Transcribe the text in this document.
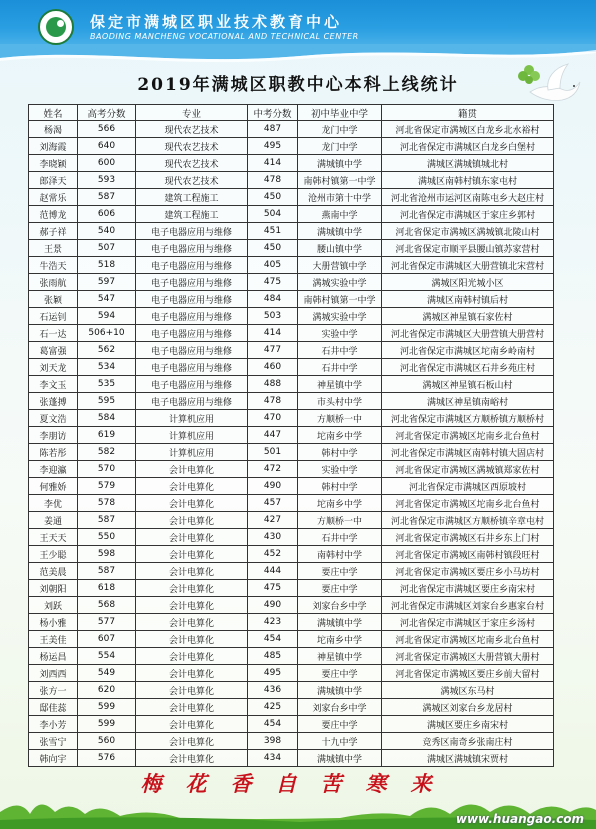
保定市满城区职业技术教育中心
BAODING MANCHENG VOCATIONAL AND TECHNICAL CENTER
2019年满城区职教中心本科上线统计
姓名	高考分数	专业	中考分数	初中毕业中学	籍贯
杨渴	566	现代农艺技术	487	龙门中学	河北省保定市满城区白龙乡北水裕村
刘海霞	640	现代农艺技术	495	龙门中学	河北省保定市满城区白龙乡白堡村
李晓颖	600	现代农艺技术	414	满城镇中学	满城区满城镇城北村
郎泽天	593	现代农艺技术	478	南韩村镇第一中学	满城区南韩村镇东家屯村
赵常乐	587	建筑工程施工	450	沧州市第十中学	河北省沧州市运河区南陈屯乡大赵庄村
范博龙	606	建筑工程施工	504	燕南中学	河北省保定市满城区于家庄乡郭村
郝子祥	540	电子电器应用与维修	451	满城镇中学	河北省保定市满城区满城镇北陵山村
王景	507	电子电器应用与维修	450	腰山镇中学	河北省保定市顺平县腰山镇苏家营村
牛浩天	518	电子电器应用与维修	405	大册营镇中学	河北省保定市满城区大册营镇北宋营村
张雨航	597	电子电器应用与维修	475	满城实验中学	满城区阳光城小区
张颖	547	电子电器应用与维修	484	南韩村镇第一中学	满城区南韩村镇后村
石运钊	594	电子电器应用与维修	503	满城实验中学	满城区神星镇石家佐村
石一达	506+10	电子电器应用与维修	414	实验中学	河北省保定市满城区大册营镇大册营村
葛富强	562	电子电器应用与维修	477	石井中学	河北省保定市满城区坨南乡岭南村
刘天龙	534	电子电器应用与维修	460	石井中学	河北省保定市满城区石井乡苑庄村
李文玉	535	电子电器应用与维修	488	神星镇中学	满城区神星镇石板山村
张蓬搏	595	电子电器应用与维修	478	市头村中学	满城区神星镇南峪村
夏文浩	584	计算机应用	470	方顺桥一中	河北省保定市满城区方顺桥镇方顺桥村
李朋访	619	计算机应用	447	坨南乡中学	河北省保定市满城区坨南乡北台鱼村
陈若彤	582	计算机应用	501	韩村中学	河北省保定市满城区南韩村镇大固店村
李迎瀛	570	会计电算化	472	实验中学	河北省保定市满城区满城镇郑家佐村
何雅娇	579	会计电算化	490	韩村中学	河北省保定市满城区西原坡村
李优	578	会计电算化	457	坨南乡中学	河北省保定市满城区坨南乡北台鱼村
姜通	587	会计电算化	427	方顺桥一中	河北省保定市满城区方顺桥镇辛章屯村
王天天	550	会计电算化	430	石井中学	河北省保定市满城区石井乡东上门村
王少聪	598	会计电算化	452	南韩村中学	河北省保定市满城区南韩村镇段旺村
范美晨	587	会计电算化	444	要庄中学	河北省保定市满城区要庄乡小马坊村
刘朝阳	618	会计电算化	475	要庄中学	河北省保定市满城区要庄乡南宋村
刘跃	568	会计电算化	490	刘家台乡中学	河北省保定市满城区刘家台乡惠家台村
杨小雅	577	会计电算化	423	满城镇中学	河北省保定市满城区于家庄乡汤村
王美佳	607	会计电算化	454	坨南乡中学	河北省保定市满城区坨南乡北台鱼村
杨运昌	554	会计电算化	485	神星镇中学	河北省保定市满城区大册营镇大册村
刘西西	549	会计电算化	495	要庄中学	河北省保定市满城区要庄乡前大留村
张方一	620	会计电算化	436	满城镇中学	满城区东马村
邸佳蕊	599	会计电算化	425	刘家台乡中学	满城区刘家台乡龙居村
李小芳	599	会计电算化	454	要庄中学	满城区要庄乡南宋村
张雪宁	560	会计电算化	398	十九中学	竞秀区南奇乡张南庄村
韩向宇	576	会计电算化	434	满城镇中学	满城区满城镇宋贾村
梅花香自苦寒来
www.huangao.com
